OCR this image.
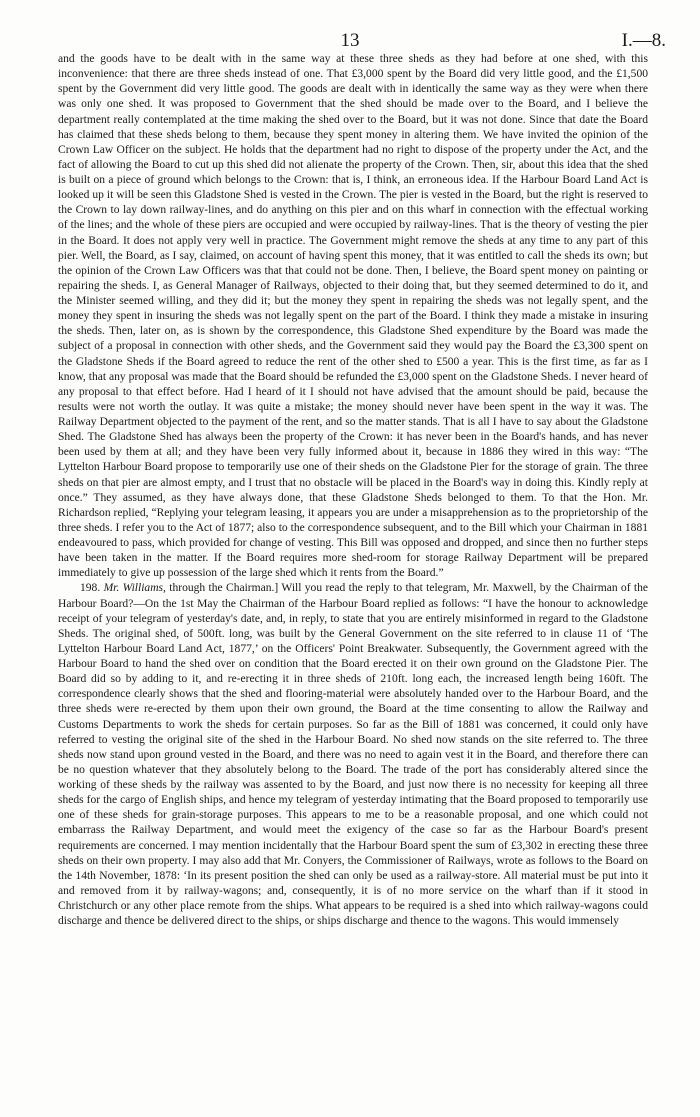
13	I.—8.

and the goods have to be dealt with in the same way at these three sheds as they had before at one shed, with this inconvenience: that there are three sheds instead of one. That £3,000 spent by the Board did very little good, and the £1,500 spent by the Government did very little good. The goods are dealt with in identically the same way as they were when there was only one shed. It was proposed to Government that the shed should be made over to the Board, and I believe the department really contemplated at the time making the shed over to the Board, but it was not done. Since that date the Board has claimed that these sheds belong to them, because they spent money in altering them. We have invited the opinion of the Crown Law Officer on the subject. He holds that the department had no right to dispose of the property under the Act, and the fact of allowing the Board to cut up this shed did not alienate the property of the Crown. Then, sir, about this idea that the shed is built on a piece of ground which belongs to the Crown: that is, I think, an erroneous idea. If the Harbour Board Land Act is looked up it will be seen this Gladstone Shed is vested in the Crown. The pier is vested in the Board, but the right is reserved to the Crown to lay down railway-lines, and do anything on this pier and on this wharf in connection with the effectual working of the lines; and the whole of these piers are occupied and were occupied by railway-lines. That is the theory of vesting the pier in the Board. It does not apply very well in practice. The Government might remove the sheds at any time to any part of this pier. Well, the Board, as I say, claimed, on account of having spent this money, that it was entitled to call the sheds its own; but the opinion of the Crown Law Officers was that that could not be done. Then, I believe, the Board spent money on painting or repairing the sheds. I, as General Manager of Railways, objected to their doing that, but they seemed determined to do it, and the Minister seemed willing, and they did it; but the money they spent in repairing the sheds was not legally spent, and the money they spent in insuring the sheds was not legally spent on the part of the Board. I think they made a mistake in insuring the sheds. Then, later on, as is shown by the correspondence, this Gladstone Shed expenditure by the Board was made the subject of a proposal in connection with other sheds, and the Government said they would pay the Board the £3,300 spent on the Gladstone Sheds if the Board agreed to reduce the rent of the other shed to £500 a year. This is the first time, as far as I know, that any proposal was made that the Board should be refunded the £3,000 spent on the Gladstone Sheds. I never heard of any proposal to that effect before. Had I heard of it I should not have advised that the amount should be paid, because the results were not worth the outlay. It was quite a mistake; the money should never have been spent in the way it was. The Railway Department objected to the payment of the rent, and so the matter stands. That is all I have to say about the Gladstone Shed. The Gladstone Shed has always been the property of the Crown: it has never been in the Board's hands, and has never been used by them at all; and they have been very fully informed about it, because in 1886 they wired in this way: “The Lyttelton Harbour Board propose to temporarily use one of their sheds on the Gladstone Pier for the storage of grain. The three sheds on that pier are almost empty, and I trust that no obstacle will be placed in the Board's way in doing this. Kindly reply at once.” They assumed, as they have always done, that these Gladstone Sheds belonged to them. To that the Hon. Mr. Richardson replied, “Replying your telegram leasing, it appears you are under a misapprehension as to the proprietorship of the three sheds. I refer you to the Act of 1877; also to the correspondence subsequent, and to the Bill which your Chairman in 1881 endeavoured to pass, which provided for change of vesting. This Bill was opposed and dropped, and since then no further steps have been taken in the matter. If the Board requires more shed-room for storage Railway Department will be prepared immediately to give up possession of the large shed which it rents from the Board.”

198. Mr. Williams, through the Chairman.] Will you read the reply to that telegram, Mr. Maxwell, by the Chairman of the Harbour Board?—On the 1st May the Chairman of the Harbour Board replied as follows: “I have the honour to acknowledge receipt of your telegram of yesterday's date, and, in reply, to state that you are entirely misinformed in regard to the Gladstone Sheds. The original shed, of 500ft. long, was built by the General Government on the site referred to in clause 11 of ‘The Lyttelton Harbour Board Land Act, 1877,’ on the Officers' Point Breakwater. Subsequently, the Government agreed with the Harbour Board to hand the shed over on condition that the Board erected it on their own ground on the Gladstone Pier. The Board did so by adding to it, and re-erecting it in three sheds of 210ft. long each, the increased length being 160ft. The correspondence clearly shows that the shed and flooring-material were absolutely handed over to the Harbour Board, and the three sheds were re-erected by them upon their own ground, the Board at the time consenting to allow the Railway and Customs Departments to work the sheds for certain purposes. So far as the Bill of 1881 was concerned, it could only have referred to vesting the original site of the shed in the Harbour Board. No shed now stands on the site referred to. The three sheds now stand upon ground vested in the Board, and there was no need to again vest it in the Board, and therefore there can be no question whatever that they absolutely belong to the Board. The trade of the port has considerably altered since the working of these sheds by the railway was assented to by the Board, and just now there is no necessity for keeping all three sheds for the cargo of English ships, and hence my telegram of yesterday intimating that the Board proposed to temporarily use one of these sheds for grain-storage purposes. This appears to me to be a reasonable proposal, and one which could not embarrass the Railway Department, and would meet the exigency of the case so far as the Harbour Board's present requirements are concerned. I may mention incidentally that the Harbour Board spent the sum of £3,302 in erecting these three sheds on their own property. I may also add that Mr. Conyers, the Commissioner of Railways, wrote as follows to the Board on the 14th November, 1878: ‘In its present position the shed can only be used as a railway-store. All material must be put into it and removed from it by railway-wagons; and, consequently, it is of no more service on the wharf than if it stood in Christchurch or any other place remote from the ships. What appears to be required is a shed into which railway-wagons could discharge and thence be delivered direct to the ships, or ships discharge and thence to the wagons. This would immensely
